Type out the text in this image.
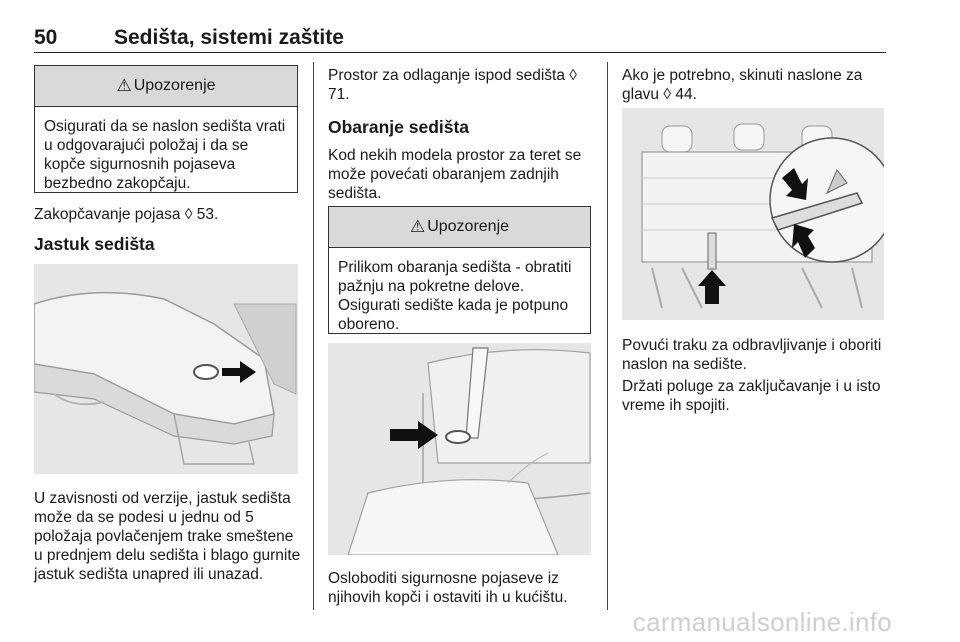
50	Sedišta, sistemi zaštite
⚠ Upozorenje
Osigurati da se naslon sedišta vrati u odgovarajući položaj i da se kopče sigurnosnih pojaseva bezbedno zakopčaju.
Zakopčavanje pojasa ◊ 53.
Jastuk sedišta
U zavisnosti od verzije, jastuk sedišta može da se podesi u jednu od 5 položaja povlačenjem trake smeštene u prednjem delu sedišta i blago gurnite jastuk sedišta unapred ili unazad.
Prostor za odlaganje ispod sedišta ◊ 71.
Obaranje sedišta
Kod nekih modela prostor za teret se može povećati obaranjem zadnjih sedišta.
⚠ Upozorenje
Prilikom obaranja sedišta - obratiti pažnju na pokretne delove. Osigurati sedište kada je potpuno oboreno.
Osloboditi sigurnosne pojaseve iz njihovih kopči i ostaviti ih u kućištu.
Ako je potrebno, skinuti naslone za glavu ◊ 44.
Povući traku za odbravljivanje i oboriti naslon na sedište.
Držati poluge za zaključavanje i u isto vreme ih spojiti.
carmanualsonline.info
